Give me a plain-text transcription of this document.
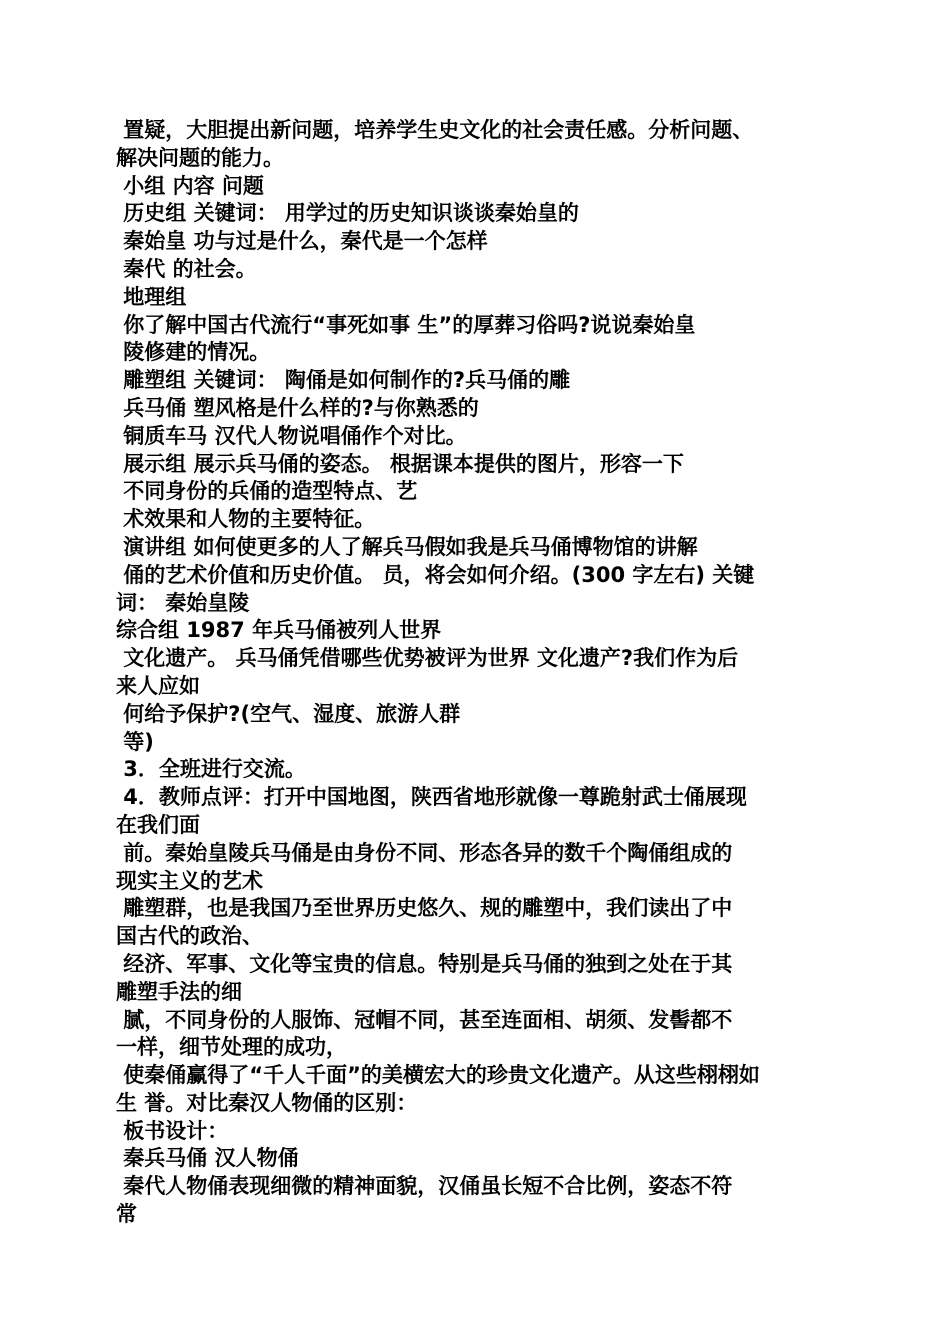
置疑，大胆提出新问题，培养学生史文化的社会责任感。分析问题、
解决问题的能力。
小组 内容 问题
历史组 关键词： 用学过的历史知识谈谈秦始皇的
秦始皇 功与过是什么，秦代是一个怎样
秦代 的社会。
地理组
你了解中国古代流行“事死如事 生”的厚葬习俗吗?说说秦始皇
陵修建的情况。
雕塑组 关键词： 陶俑是如何制作的?兵马俑的雕
兵马俑 塑风格是什么样的?与你熟悉的
铜质车马 汉代人物说唱俑作个对比。
展示组 展示兵马俑的姿态。 根据课本提供的图片，形容一下
不同身份的兵俑的造型特点、艺
术效果和人物的主要特征。
演讲组 如何使更多的人了解兵马假如我是兵马俑博物馆的讲解
俑的艺术价值和历史价值。 员，将会如何介绍。(300 字左右) 关键
词： 秦始皇陵
综合组 1987 年兵马俑被列人世界
文化遗产。 兵马俑凭借哪些优势被评为世界 文化遗产?我们作为后
来人应如
何给予保护?(空气、湿度、旅游人群
等)
3．全班进行交流。
4．教师点评：打开中国地图，陕西省地形就像一尊跪射武士俑展现
在我们面
前。秦始皇陵兵马俑是由身份不同、形态各异的数千个陶俑组成的
现实主义的艺术
雕塑群，也是我国乃至世界历史悠久、规的雕塑中，我们读出了中
国古代的政治、
经济、军事、文化等宝贵的信息。特别是兵马俑的独到之处在于其
雕塑手法的细
腻，不同身份的人服饰、冠帽不同，甚至连面相、胡须、发髻都不
一样，细节处理的成功，
使秦俑赢得了“千人千面”的美横宏大的珍贵文化遗产。从这些栩栩如
生 誉。对比秦汉人物俑的区别：
板书设计：
秦兵马俑 汉人物俑
秦代人物俑表现细微的精神面貌，汉俑虽长短不合比例，姿态不符
常
